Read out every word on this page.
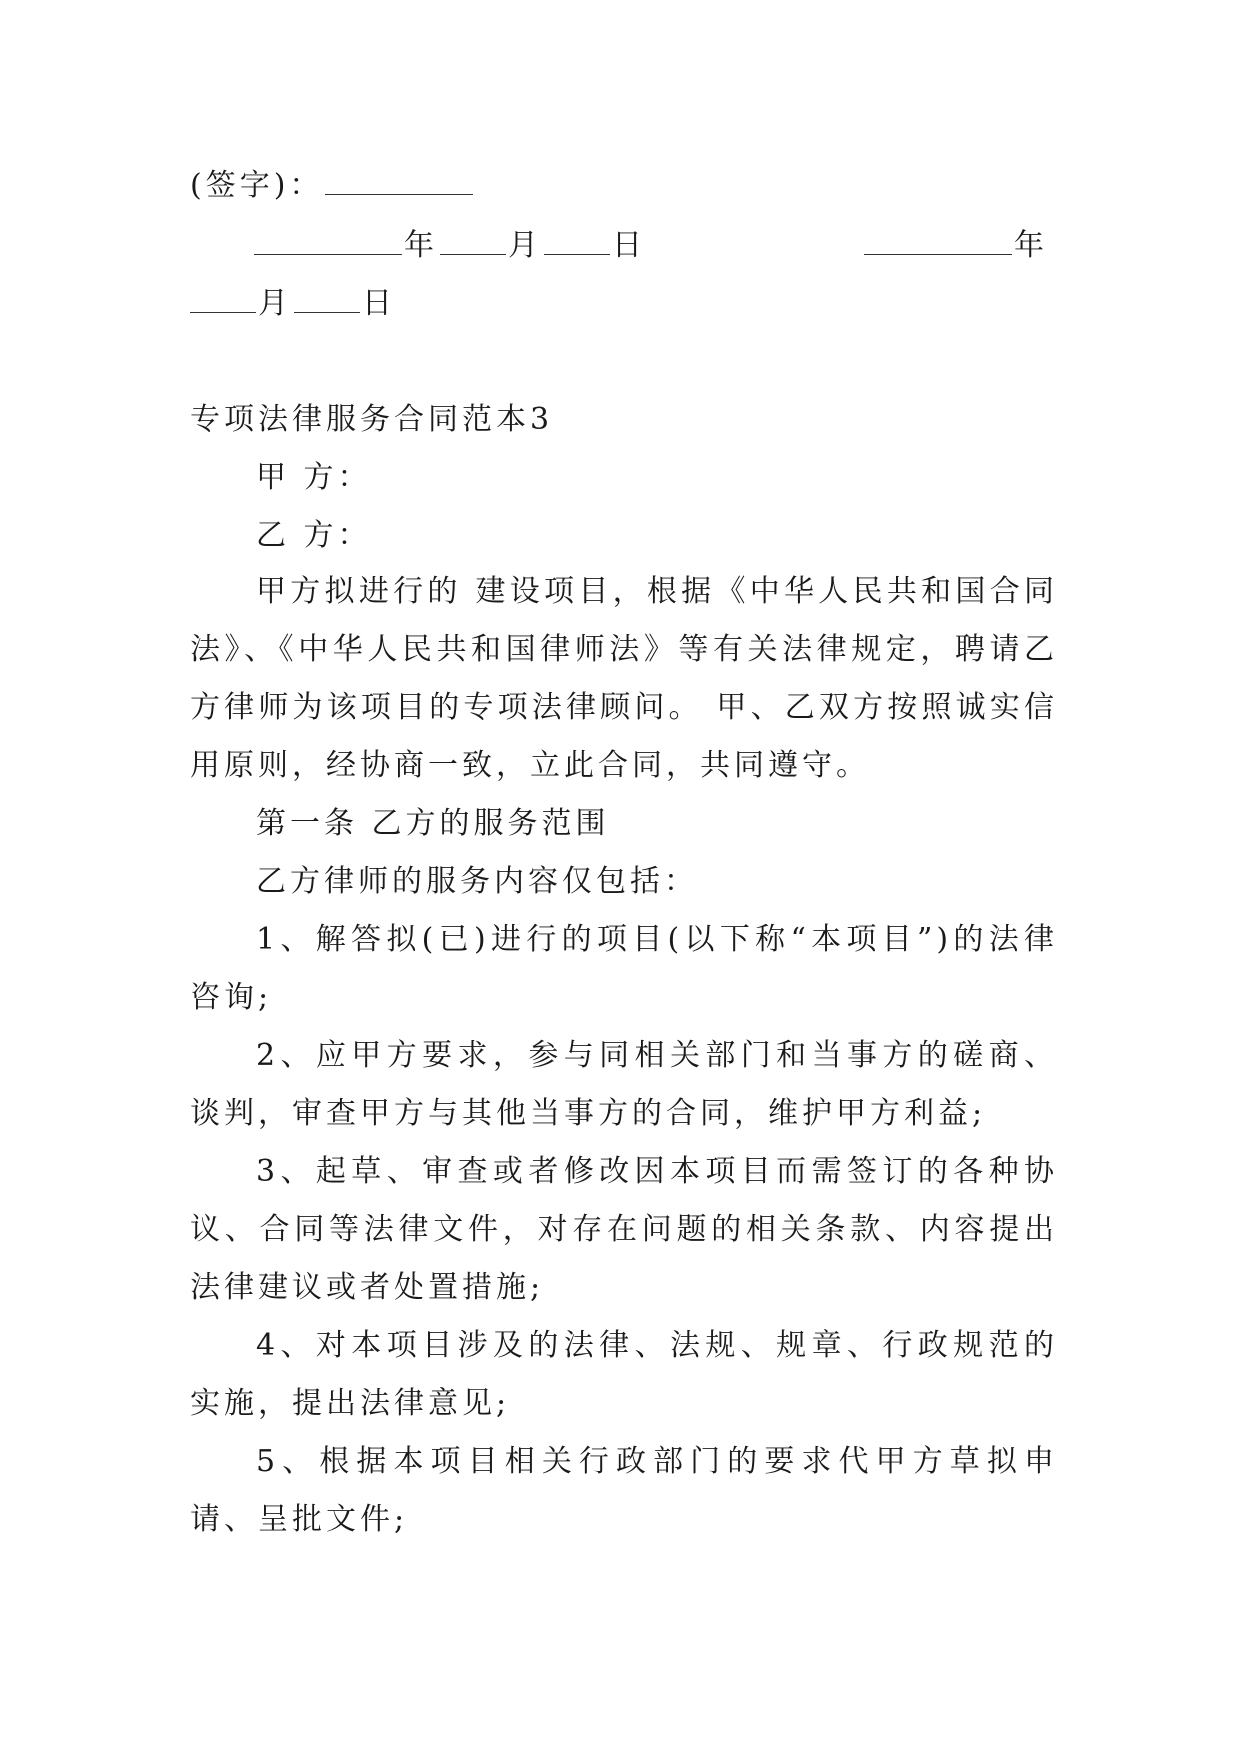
(签字)：
年 月 日	年
月 日
专项法律服务合同范本3
甲 方：
乙 方：

甲方拟进行的 建设项目，根据《中华人民共和国合同法》、《中华人民共和国律师法》等有关法律规定，聘请乙方律师为该项目的专项法律顾问。 甲、乙双方按照诚实信用原则，经协商一致，立此合同，共同遵守。

第一条 乙方的服务范围

乙方律师的服务内容仅包括：

1、解答拟(已)进行的项目(以下称“本项目”)的法律咨询;

2、应甲方要求，参与同相关部门和当事方的磋商、谈判，审查甲方与其他当事方的合同，维护甲方利益;

3、起草、审查或者修改因本项目而需签订的各种协议、合同等法律文件，对存在问题的相关条款、内容提出法律建议或者处置措施;

4、对本项目涉及的法律、法规、规章、行政规范的实施，提出法律意见;

5、根据本项目相关行政部门的要求代甲方草拟申请、呈批文件;
